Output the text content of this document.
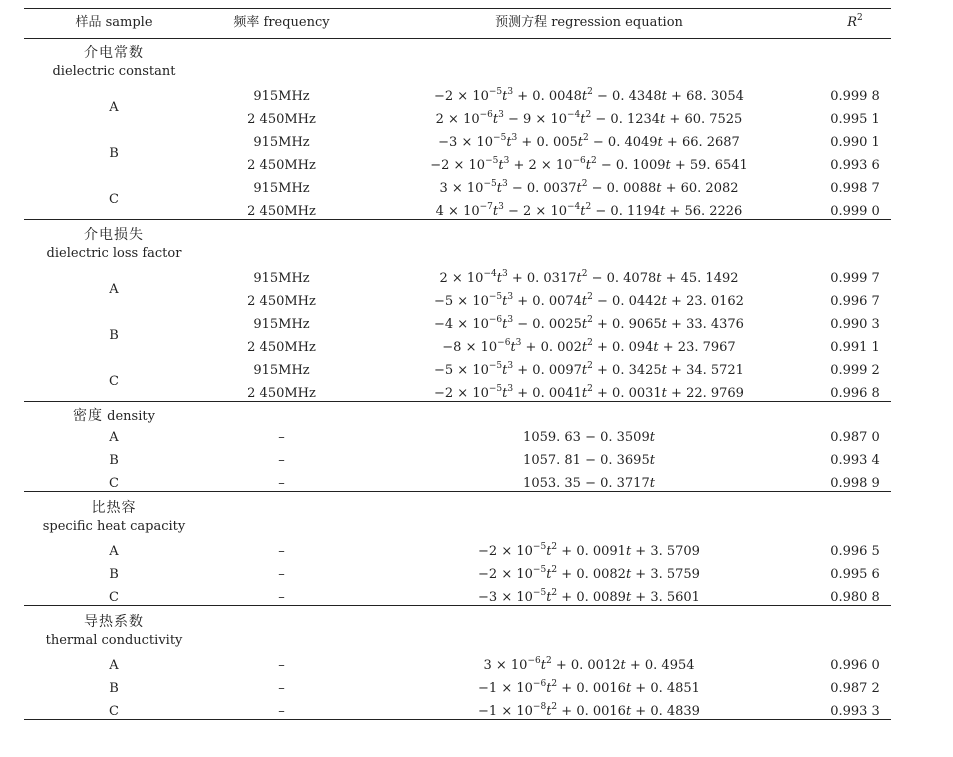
样品 sample	频率 frequency	预测方程 regression equation	$R^2$
介电常数
dielectric constant
A
915MHz	$-2 \times 10^{-5}t^3 + 0$. $0048t^2 - 0$. 4348t + 68. 3054	0.999 8
2 450MHz	$2 \times 10^{-6}t^3 - 9 \times 10^{-4}t^2 - 0$. 1234t + 60. 7525	0.995 1
B
915MHz	$-3 \times 10^{-5}t^3 + 0$. $005t^2 - 0$. 4049t + 66. 2687	0.990 1
2 450MHz	$-2 \times 10^{-5}t^3 + 2 \times 10^{-6}t^2 - 0$. 1009t + 59. 6541	0.993 6
C
915MHz	$3 \times 10^{-5}t^3 - 0$. $0037t^2 - 0$. 0088t + 60. 2082	0.998 7
2 450MHz	$4 \times 10^{-7}t^3 - 2 \times 10^{-4}t^2 - 0$. 1194t + 56. 2226	0.999 0
介电损失
dielectric loss factor
A
915MHz	$2 \times 10^{-4}t^3 + 0$. $0317t^2 - 0$. 4078t + 45. 1492	0.999 7
2 450MHz	$-5 \times 10^{-5}t^3 + 0$. $0074t^2 - 0$. 0442t + 23. 0162	0.996 7
B
915MHz	$-4 \times 10^{-6}t^3 - 0$. $0025t^2 + 0$. 9065t + 33. 4376	0.990 3
2 450MHz	$-8 \times 10^{-6}t^3 + 0$. $002t^2 + 0$. 094t + 23. 7967	0.991 1
C
915MHz	$-5 \times 10^{-5}t^3 + 0$. $0097t^2 + 0$. 3425t + 34. 5721	0.999 2
2 450MHz	$-2 \times 10^{-5}t^3 + 0$. $0041t^2 + 0$. 0031t + 22. 9769	0.996 8
密度 density
A	–	1059. 63 − 0. 3509t	0.987 0
B	–	1057. 81 − 0. 3695t	0.993 4
C	–	1053. 35 − 0. 3717t	0.998 9
比热容
specific heat capacity
A	–	$-2 \times 10^{-5}t^2 + 0$. 0091t + 3. 5709	0.996 5
B	–	$-2 \times 10^{-5}t^2 + 0$. 0082t + 3. 5759	0.995 6
C	–	$-3 \times 10^{-5}t^2 + 0$. 0089t + 3. 5601	0.980 8
导热系数
thermal conductivity
A	–	$3 \times 10^{-6}t^2 + 0$. 0012t + 0. 4954	0.996 0
B	–	$-1 \times 10^{-6}t^2 + 0$. 0016t + 0. 4851	0.987 2
C	–	$-1 \times 10^{-8}t^2 + 0$. 0016t + 0. 4839	0.993 3
